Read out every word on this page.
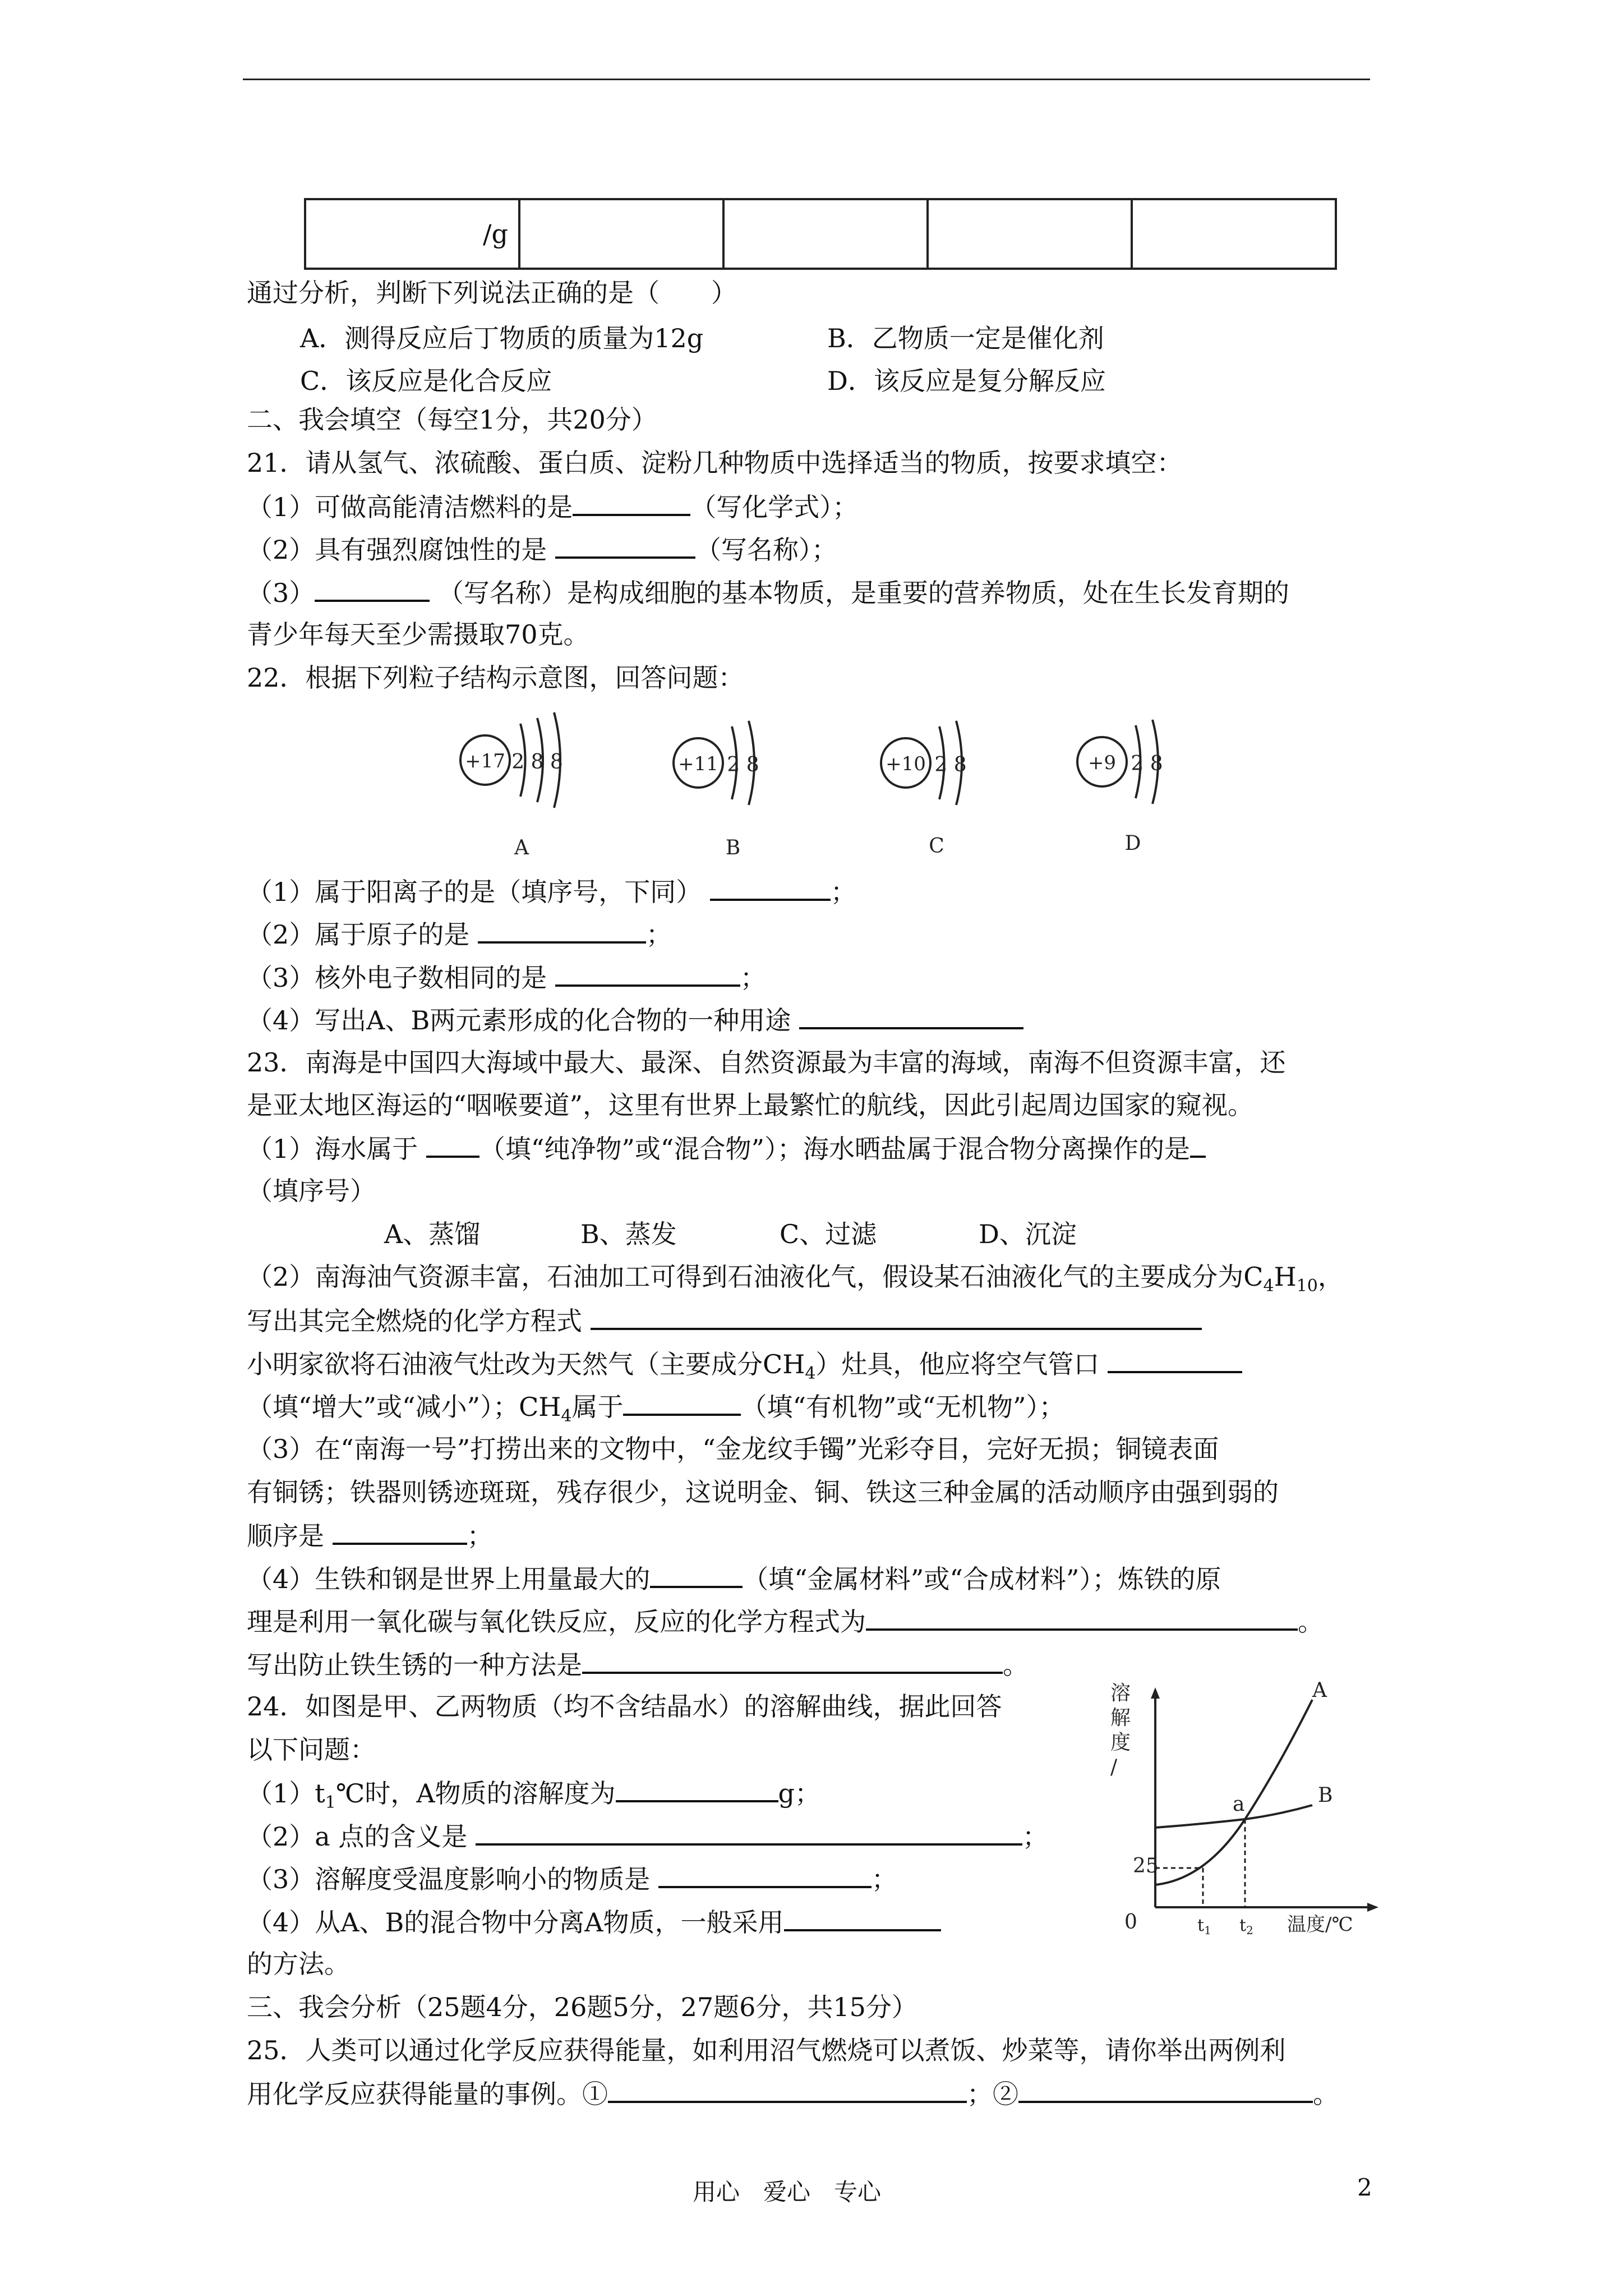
/g				
通过分析，判断下列说法正确的是（　　）
A．测得反应后丁物质的质量为12g	B．乙物质一定是催化剂
C．该反应是化合反应	D．该反应是复分解反应
二、我会填空（每空1分，共20分）
21．请从氢气、浓硫酸、蛋白质、淀粉几种物质中选择适当的物质，按要求填空：
（1）可做高能清洁燃料的是	（写化学式）；
（2）具有强烈腐蚀性的是	（写名称）；
（3）	（写名称）是构成细胞的基本物质，是重要的营养物质，处在生长发育期的
青少年每天至少需摄取70克。
22．根据下列粒子结构示意图，回答问题：
+17 2 8 8
A
+11 2 8
B
+10 2 8
C
+9 2 8
D
（1）属于阳离子的是（填序号，下同）	；
（2）属于原子的是	；
（3）核外电子数相同的是	；
（4）写出A、B两元素形成的化合物的一种用途
23．南海是中国四大海域中最大、最深、自然资源最为丰富的海域，南海不但资源丰富，还
是亚太地区海运的“咽喉要道”，这里有世界上最繁忙的航线，因此引起周边国家的窥视。
（1）海水属于 （填“纯净物”或“混合物”）；海水晒盐属于混合物分离操作的是
（填序号）
A、蒸馏	B、蒸发	C、过滤	D、沉淀
（2）南海油气资源丰富，石油加工可得到石油液化气，假设某石油液化气的主要成分为$C_4H_{10}$，
写出其完全燃烧的化学方程式
小明家欲将石油液气灶改为天然气（主要成分$CH_4$）灶具，他应将空气管口
（填“增大”或“减小”）；$CH_4$属于	（填“有机物”或“无机物”）；
（3）在“南海一号”打捞出来的文物中，“金龙纹手镯”光彩夺目，完好无损；铜镜表面
有铜锈；铁器则锈迹斑斑，残存很少，这说明金、铜、铁这三种金属的活动顺序由强到弱的
顺序是	；
（4）生铁和钢是世界上用量最大的	（填“金属材料”或“合成材料”）；炼铁的原
理是利用一氧化碳与氧化铁反应，反应的化学方程式为	。
写出防止铁生锈的一种方法是	。
24．如图是甲、乙两物质（均不含结晶水）的溶解曲线，据此回答
以下问题：
$(1)t_1℃$时，A物质的溶解度为	g；
（2）a 点的含义是	；
（3）溶解度受温度影响小的物质是	；
（4）从A、B的混合物中分离A物质，一般采用
的方法。
溶 解 度 /
25
0	$t_1$ $t_2$ 温度/℃
A
B
a
三、我会分析（25题4分，26题5分，27题6分，共15分）
25．人类可以通过化学反应获得能量，如利用沼气燃烧可以煮饭、炒菜等，请你举出两例利
用化学反应获得能量的事例。①	；②	。
用心　爱心　专心	2
